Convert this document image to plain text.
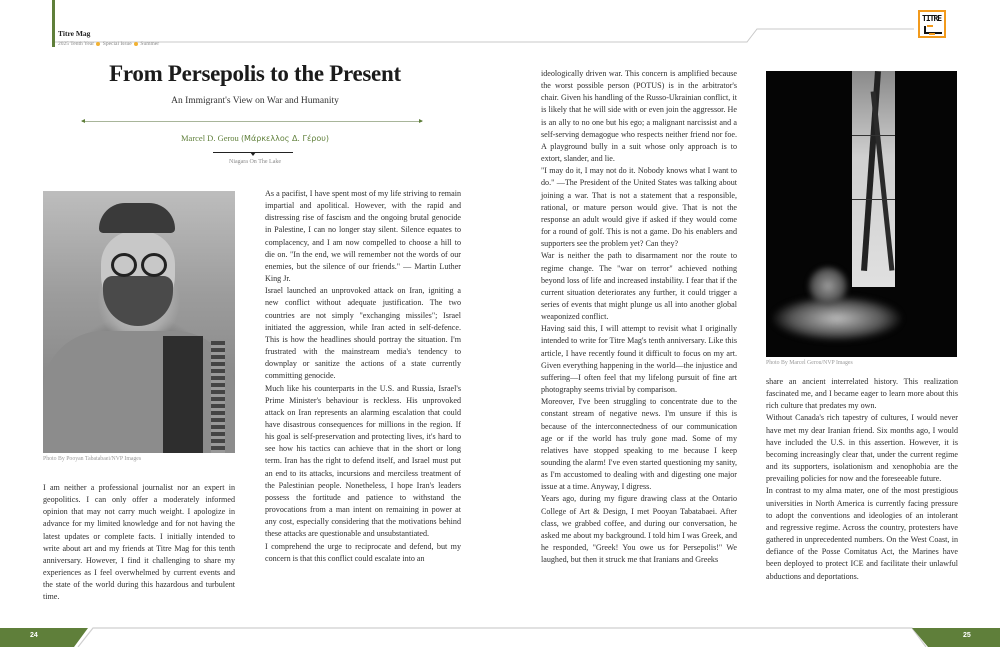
Titre Mag
2025 Tenth Year Special Issue Summer
TITRE
From Persepolis to the Present
An Immigrant's View on War and Humanity
Marcel D. Gerou (Μάρκελλος Δ. Γέρου)
Niagara On The Lake
Photo By Pooyan Tabatabaei/NVP Images
Photo By Marcel Gerou/NVP Images

I am neither a professional journalist nor an expert in geopolitics. I can only offer a moderately informed opinion that may not carry much weight. I apologize in advance for my limited knowledge and for not having the latest updates or complete facts. I initially intended to write about art and my friends at Titre Mag for this tenth anniversary. However, I find it challenging to share my experiences as I feel overwhelmed by current events and the state of the world during this hazardous and turbulent time.

As a pacifist, I have spent most of my life striving to remain impartial and apolitical. However, with the rapid and distressing rise of fascism and the ongoing brutal genocide in Palestine, I can no longer stay silent. Silence equates to complacency, and I am now compelled to choose a hill to die on. "In the end, we will remember not the words of our enemies, but the silence of our friends." — Martin Luther King Jr.

Israel launched an unprovoked attack on Iran, igniting a new conflict without adequate justification. The two countries are not simply "exchanging missiles"; Israel initiated the aggression, while Iran acted in self-defence. This is how the headlines should portray the situation. I'm frustrated with the mainstream media's tendency to downplay or sanitize the actions of a state currently committing genocide.

Much like his counterparts in the U.S. and Russia, Israel's Prime Minister's behaviour is reckless. His unprovoked attack on Iran represents an alarming escalation that could have disastrous consequences for millions in the region. If his goal is self-preservation and protecting lives, it's hard to see how his tactics can achieve that in the short or long term. Iran has the right to defend itself, and Israel must put an end to its attacks, incursions and merciless treatment of the Palestinian people. Nonetheless, I hope Iran's leaders possess the fortitude and patience to withstand the provocations from a man intent on remaining in power at any cost, especially considering that the motivations behind these attacks are questionable and unsubstantiated.

I comprehend the urge to reciprocate and defend, but my concern is that this conflict could escalate into an

ideologically driven war. This concern is amplified because the worst possible person (POTUS) is in the arbitrator's chair. Given his handling of the Russo-Ukrainian conflict, it is likely that he will side with or even join the aggressor. He is an ally to no one but his ego; a malignant narcissist and a self-serving demagogue who respects neither friend nor foe. A playground bully in a suit whose only approach is to extort, slander, and lie.

"I may do it, I may not do it. Nobody knows what I want to do." —The President of the United States was talking about joining a war. That is not a statement that a responsible, rational, or mature person would give. That is not the response an adult would give if asked if they would come for a round of golf. This is not a game. Do his enablers and supporters see the problem yet? Can they?

War is neither the path to disarmament nor the route to regime change. The "war on terror" achieved nothing beyond loss of life and increased instability. I fear that if the current situation deteriorates any further, it could trigger a series of events that might plunge us all into another global weaponized conflict.

Having said this, I will attempt to revisit what I originally intended to write for Titre Mag's tenth anniversary. Like this article, I have recently found it difficult to focus on my art. Given everything happening in the world—the injustice and suffering—I often feel that my lifelong pursuit of fine art photography seems trivial by comparison.

Moreover, I've been struggling to concentrate due to the constant stream of negative news. I'm unsure if this is because of the interconnectedness of our communication age or if the world has truly gone mad. Some of my relatives have stopped speaking to me because I keep sounding the alarm! I've even started questioning my sanity, as I'm accustomed to dealing with and digesting one major issue at a time. Anyway, I digress.

Years ago, during my figure drawing class at the Ontario College of Art & Design, I met Pooyan Tabatabaei. After class, we grabbed coffee, and during our conversation, he asked me about my background. I told him I was Greek, and he responded, "Greek! You owe us for Persepolis!" We laughed, but then it struck me that Iranians and Greeks

share an ancient interrelated history. This realization fascinated me, and I became eager to learn more about this rich culture that predates my own.

Without Canada's rich tapestry of cultures, I would never have met my dear Iranian friend. Six months ago, I would have included the U.S. in this assertion. However, it is becoming increasingly clear that, under the current regime and its supporters, isolationism and xenophobia are the prevailing policies for now and the foreseeable future.

In contrast to my alma mater, one of the most prestigious universities in North America is currently facing pressure to adopt the conventions and ideologies of an intolerant and regressive regime. Across the country, protesters have gathered in unprecedented numbers. On the West Coast, in defiance of the Posse Comitatus Act, the Marines have been deployed to protect ICE and facilitate their unlawful abductions and deportations.

24	25
